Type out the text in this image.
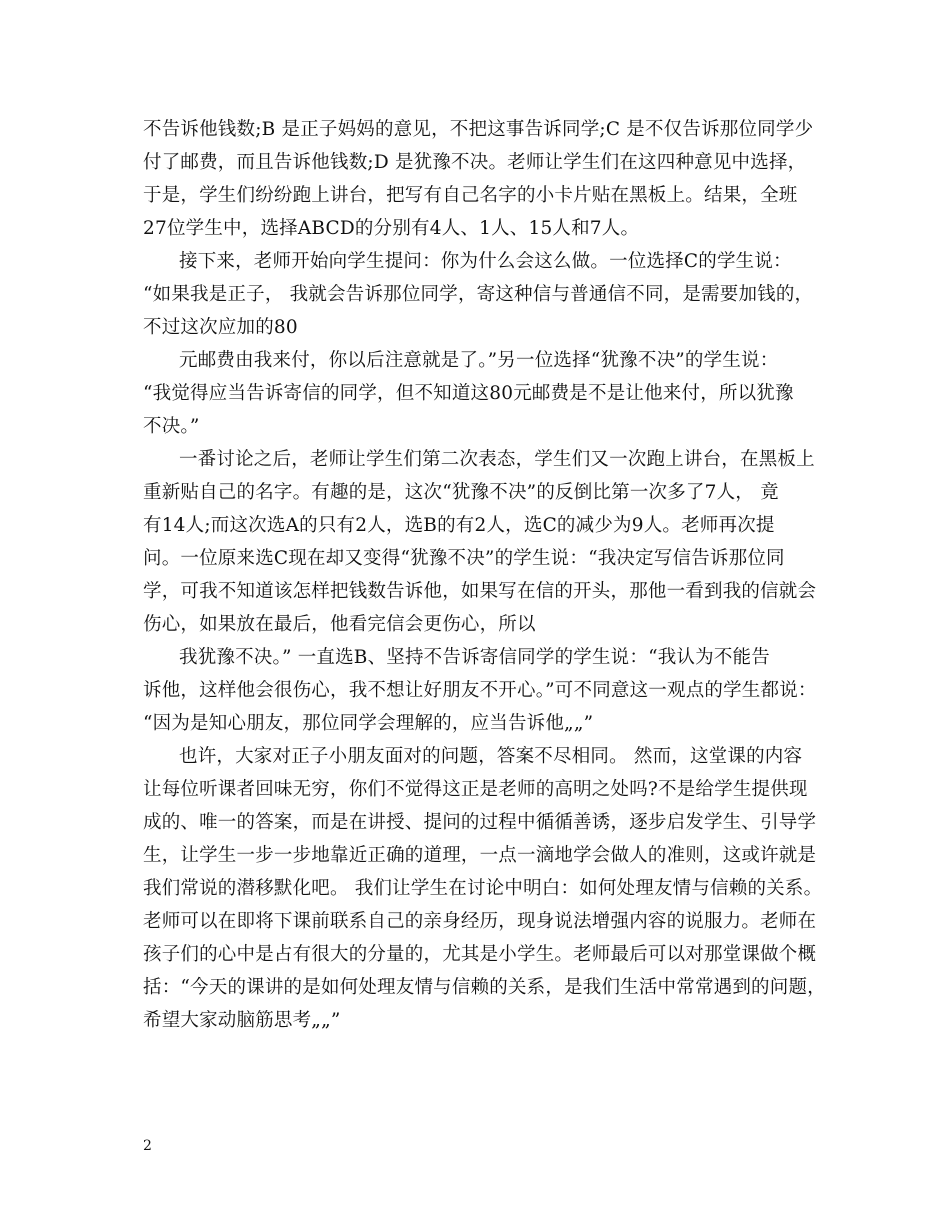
不告诉他钱数;B 是正子妈妈的意见，不把这事告诉同学;C 是不仅告诉那位同学少
付了邮费，而且告诉他钱数;D 是犹豫不决。老师让学生们在这四种意见中选择，
于是，学生们纷纷跑上讲台，把写有自己名字的小卡片贴在黑板上。结果，全班
27位学生中，选择ABCD的分别有4人、1人、15人和7人。
接下来，老师开始向学生提问：你为什么会这么做。一位选择C的学生说：
“如果我是正子， 我就会告诉那位同学，寄这种信与普通信不同，是需要加钱的，
不过这次应加的80
元邮费由我来付，你以后注意就是了。”另一位选择“犹豫不决”的学生说：
“我觉得应当告诉寄信的同学，但不知道这80元邮费是不是让他来付，所以犹豫
不决。”
一番讨论之后，老师让学生们第二次表态，学生们又一次跑上讲台，在黑板上
重新贴自己的名字。有趣的是，这次“犹豫不决”的反倒比第一次多了7人， 竟
有14人;而这次选A的只有2人，选B的有2人，选C的减少为9人。老师再次提
问。一位原来选C现在却又变得“犹豫不决”的学生说：“我决定写信告诉那位同
学，可我不知道该怎样把钱数告诉他，如果写在信的开头，那他一看到我的信就会
伤心，如果放在最后，他看完信会更伤心，所以
我犹豫不决。” 一直选B、坚持不告诉寄信同学的学生说：“我认为不能告
诉他，这样他会很伤心，我不想让好朋友不开心。”可不同意这一观点的学生都说：
“因为是知心朋友，那位同学会理解的，应当告诉他„„”
也许，大家对正子小朋友面对的问题，答案不尽相同。 然而，这堂课的内容
让每位听课者回味无穷，你们不觉得这正是老师的高明之处吗?不是给学生提供现
成的、唯一的答案，而是在讲授、提问的过程中循循善诱，逐步启发学生、引导学
生，让学生一步一步地靠近正确的道理，一点一滴地学会做人的准则，这或许就是
我们常说的潜移默化吧。 我们让学生在讨论中明白：如何处理友情与信赖的关系。
老师可以在即将下课前联系自己的亲身经历，现身说法增强内容的说服力。老师在
孩子们的心中是占有很大的分量的，尤其是小学生。老师最后可以对那堂课做个概
括：“今天的课讲的是如何处理友情与信赖的关系，是我们生活中常常遇到的问题，
希望大家动脑筋思考„„”
2
